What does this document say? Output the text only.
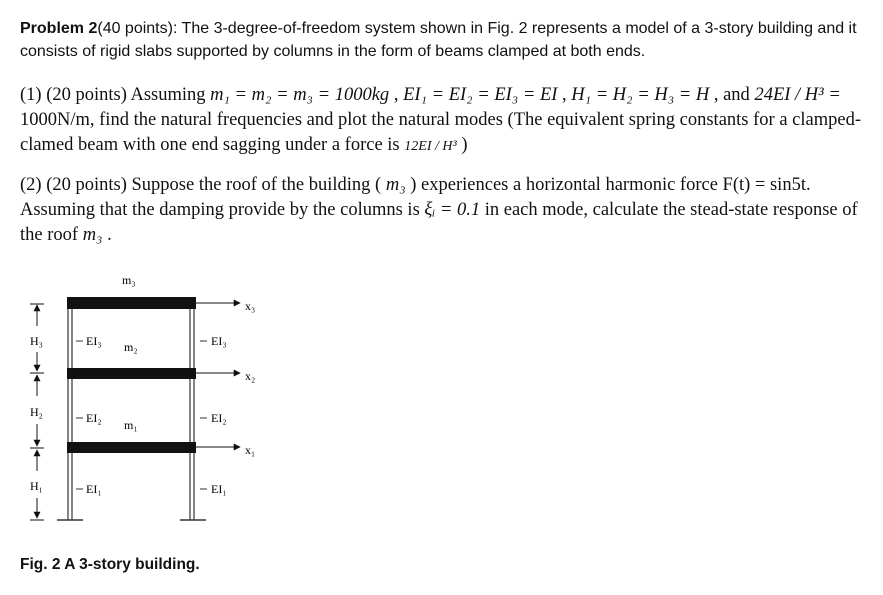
Problem 2(40 points): The 3-degree-of-freedom system shown in Fig. 2 represents a model of a 3-story building and it consists of rigid slabs supported by columns in the form of beams clamped at both ends.
(1) (20 points) Assuming m₁ = m₂ = m₃ = 1000kg , EI₁ = EI₂ = EI₃ = EI , H₁ = H₂ = H₃ = H , and 24EI / H³ =
1000N/m, find the natural frequencies and plot the natural modes (The equivalent spring constants for a clamped-clamed beam with one end sagging under a force is 12EI / H³ )
(2) (20 points) Suppose the roof of the building ( m₃ ) experiences a horizontal harmonic force F(t) = sin5t. Assuming that the damping provide by the columns is ξᵢ = 0.1 in each mode, calculate the stead-state response of the roof m₃ .
x₃
x₂
x₁
m₃
m₂
m₁
EI₃
EI₂
EI₁
EI₃
EI₂
EI₁
H₃
H₂
H₁
Fig. 2 A 3-story building.
